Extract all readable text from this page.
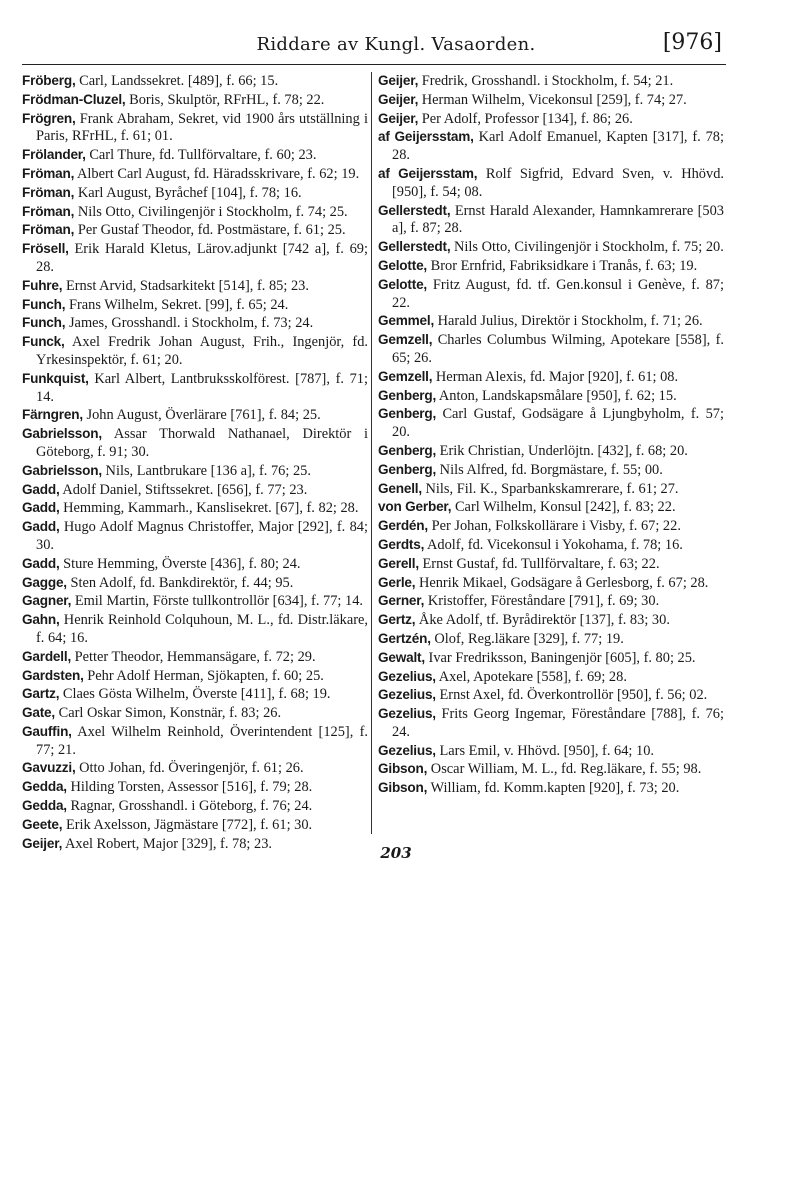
Riddare av Kungl. Vasaorden.	[976]

Fröberg, Carl, Landssekret. [489], f. 66; 15.

Frödman-Cluzel, Boris, Skulptör, RFrHL, f. 78; 22.

Frögren, Frank Abraham, Sekret, vid 1900 års utställning i Paris, RFrHL, f. 61; 01.

Frölander, Carl Thure, fd. Tullförvaltare, f. 60; 23.

Fröman, Albert Carl August, fd. Häradsskrivare, f. 62; 19.

Fröman, Karl August, Byråchef [104], f. 78; 16.

Fröman, Nils Otto, Civilingenjör i Stockholm, f. 74; 25.

Fröman, Per Gustaf Theodor, fd. Postmästare, f. 61; 25.

Frösell, Erik Harald Kletus, Lärov.adjunkt [742 a], f. 69; 28.

Fuhre, Ernst Arvid, Stadsarkitekt [514], f. 85; 23.

Funch, Frans Wilhelm, Sekret. [99], f. 65; 24.

Funch, James, Grosshandl. i Stockholm, f. 73; 24.

Funck, Axel Fredrik Johan August, Frih., Ingenjör, fd. Yrkesinspektör, f. 61; 20.

Funkquist, Karl Albert, Lantbruksskolförest. [787], f. 71; 14.

Färngren, John August, Överlärare [761], f. 84; 25.

Gabrielsson, Assar Thorwald Nathanael, Direktör i Göteborg, f. 91; 30.

Gabrielsson, Nils, Lantbrukare [136 a], f. 76; 25.

Gadd, Adolf Daniel, Stiftssekret. [656], f. 77; 23.

Gadd, Hemming, Kammarh., Kanslisekret. [67], f. 82; 28.

Gadd, Hugo Adolf Magnus Christoffer, Major [292], f. 84; 30.

Gadd, Sture Hemming, Överste [436], f. 80; 24.

Gagge, Sten Adolf, fd. Bankdirektör, f. 44; 95.

Gagner, Emil Martin, Förste tullkontrollör [634], f. 77; 14.

Gahn, Henrik Reinhold Colquhoun, M. L., fd. Distr.läkare, f. 64; 16.

Gardell, Petter Theodor, Hemmansägare, f. 72; 29.

Gardsten, Pehr Adolf Herman, Sjökapten, f. 60; 25.

Gartz, Claes Gösta Wilhelm, Överste [411], f. 68; 19.

Gate, Carl Oskar Simon, Konstnär, f. 83; 26.

Gauffin, Axel Wilhelm Reinhold, Överintendent [125], f. 77; 21.

Gavuzzi, Otto Johan, fd. Överingenjör, f. 61; 26.

Gedda, Hilding Torsten, Assessor [516], f. 79; 28.

Gedda, Ragnar, Grosshandl. i Göteborg, f. 76; 24.

Geete, Erik Axelsson, Jägmästare [772], f. 61; 30.

Geijer, Axel Robert, Major [329], f. 78; 23.

Geijer, Fredrik, Grosshandl. i Stockholm, f. 54; 21.

Geijer, Herman Wilhelm, Vicekonsul [259], f. 74; 27.

Geijer, Per Adolf, Professor [134], f. 86; 26.

af Geijersstam, Karl Adolf Emanuel, Kapten [317], f. 78; 28.

af Geijersstam, Rolf Sigfrid, Edvard Sven, v. Hhövd. [950], f. 54; 08.

Gellerstedt, Ernst Harald Alexander, Hamnkamrerare [503 a], f. 87; 28.

Gellerstedt, Nils Otto, Civilingenjör i Stockholm, f. 75; 20.

Gelotte, Bror Ernfrid, Fabriksidkare i Tranås, f. 63; 19.

Gelotte, Fritz August, fd. tf. Gen.konsul i Genève, f. 87; 22.

Gemmel, Harald Julius, Direktör i Stockholm, f. 71; 26.

Gemzell, Charles Columbus Wilming, Apotekare [558], f. 65; 26.

Gemzell, Herman Alexis, fd. Major [920], f. 61; 08.

Genberg, Anton, Landskapsmålare [950], f. 62; 15.

Genberg, Carl Gustaf, Godsägare å Ljungbyholm, f. 57; 20.

Genberg, Erik Christian, Underlöjtn. [432], f. 68; 20.

Genberg, Nils Alfred, fd. Borgmästare, f. 55; 00.

Genell, Nils, Fil. K., Sparbankskamrerare, f. 61; 27.

von Gerber, Carl Wilhelm, Konsul [242], f. 83; 22.

Gerdén, Per Johan, Folkskollärare i Visby, f. 67; 22.

Gerdts, Adolf, fd. Vicekonsul i Yokohama, f. 78; 16.

Gerell, Ernst Gustaf, fd. Tullförvaltare, f. 63; 22.

Gerle, Henrik Mikael, Godsägare å Gerlesborg, f. 67; 28.

Gerner, Kristoffer, Föreståndare [791], f. 69; 30.

Gertz, Åke Adolf, tf. Byrådirektör [137], f. 83; 30.

Gertzén, Olof, Reg.läkare [329], f. 77; 19.

Gewalt, Ivar Fredriksson, Baningenjör [605], f. 80; 25.

Gezelius, Axel, Apotekare [558], f. 69; 28.

Gezelius, Ernst Axel, fd. Överkontrollör [950], f. 56; 02.

Gezelius, Frits Georg Ingemar, Föreståndare [788], f. 76; 24.

Gezelius, Lars Emil, v. Hhövd. [950], f. 64; 10.

Gibson, Oscar William, M. L., fd. Reg.läkare, f. 55; 98.

Gibson, William, fd. Komm.kapten [920], f. 73; 20.

203
